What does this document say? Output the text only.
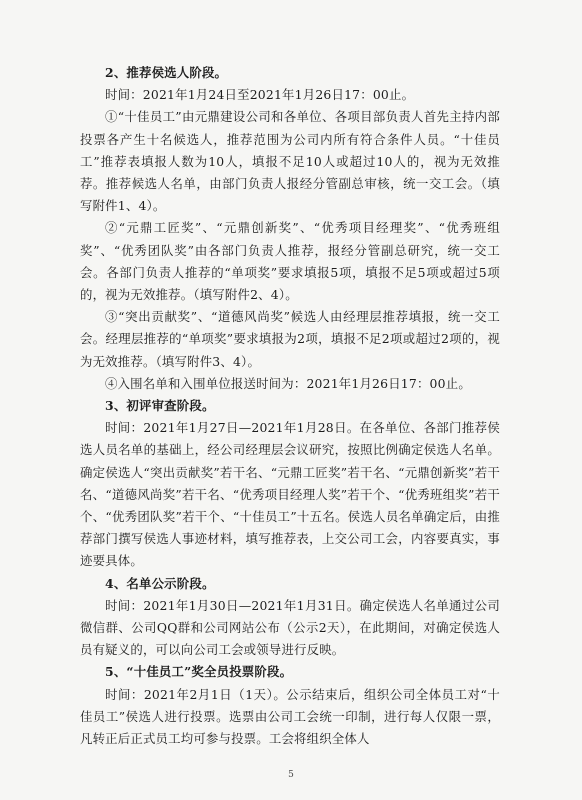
2、推荐侯选人阶段。

时间：2021年1月24日至2021年1月26日17：00止。

①“十佳员工”由元鼎建设公司和各单位、各项目部负责人首先主持内部投票各产生十名候选人，推荐范围为公司内所有符合条件人员。“十佳员工”推荐表填报人数为10人，填报不足10人或超过10人的，视为无效推荐。推荐候选人名单，由部门负责人报经分管副总审核，统一交工会。（填写附件1、4）。

②“元鼎工匠奖”、“元鼎创新奖”、“优秀项目经理奖”、“优秀班组奖”、“优秀团队奖”由各部门负责人推荐，报经分管副总研究，统一交工会。各部门负责人推荐的“单项奖”要求填报5项，填报不足5项或超过5项的，视为无效推荐。（填写附件2、4）。

③“突出贡献奖”、“道德风尚奖”候选人由经理层推荐填报，统一交工会。经理层推荐的“单项奖”要求填报为2项，填报不足2项或超过2项的，视为无效推荐。（填写附件3、4）。

④入围名单和入围单位报送时间为：2021年1月26日17：00止。

3、初评审查阶段。

时间：2021年1月27日—2021年1月28日。在各单位、各部门推荐侯选人员名单的基础上，经公司经理层会议研究，按照比例确定侯选人名单。确定侯选人“突出贡献奖”若干名、“元鼎工匠奖”若干名、“元鼎创新奖”若干名、“道德风尚奖”若干名、“优秀项目经理人奖”若干个、“优秀班组奖”若干个、“优秀团队奖”若干个、“十佳员工”十五名。侯选人员名单确定后，由推荐部门撰写侯选人事迹材料，填写推荐表，上交公司工会，内容要真实，事迹要具体。

4、名单公示阶段。

时间：2021年1月30日—2021年1月31日。确定侯选人名单通过公司微信群、公司QQ群和公司网站公布（公示2天），在此期间，对确定侯选人员有疑义的，可以向公司工会或领导进行反映。

5、“十佳员工”奖全员投票阶段。

时间：2021年2月1日（1天）。公示结束后，组织公司全体员工对“十佳员工”侯选人进行投票。选票由公司工会统一印制，进行每人仅限一票，凡转正后正式员工均可参与投票。工会将组织全体人

5
